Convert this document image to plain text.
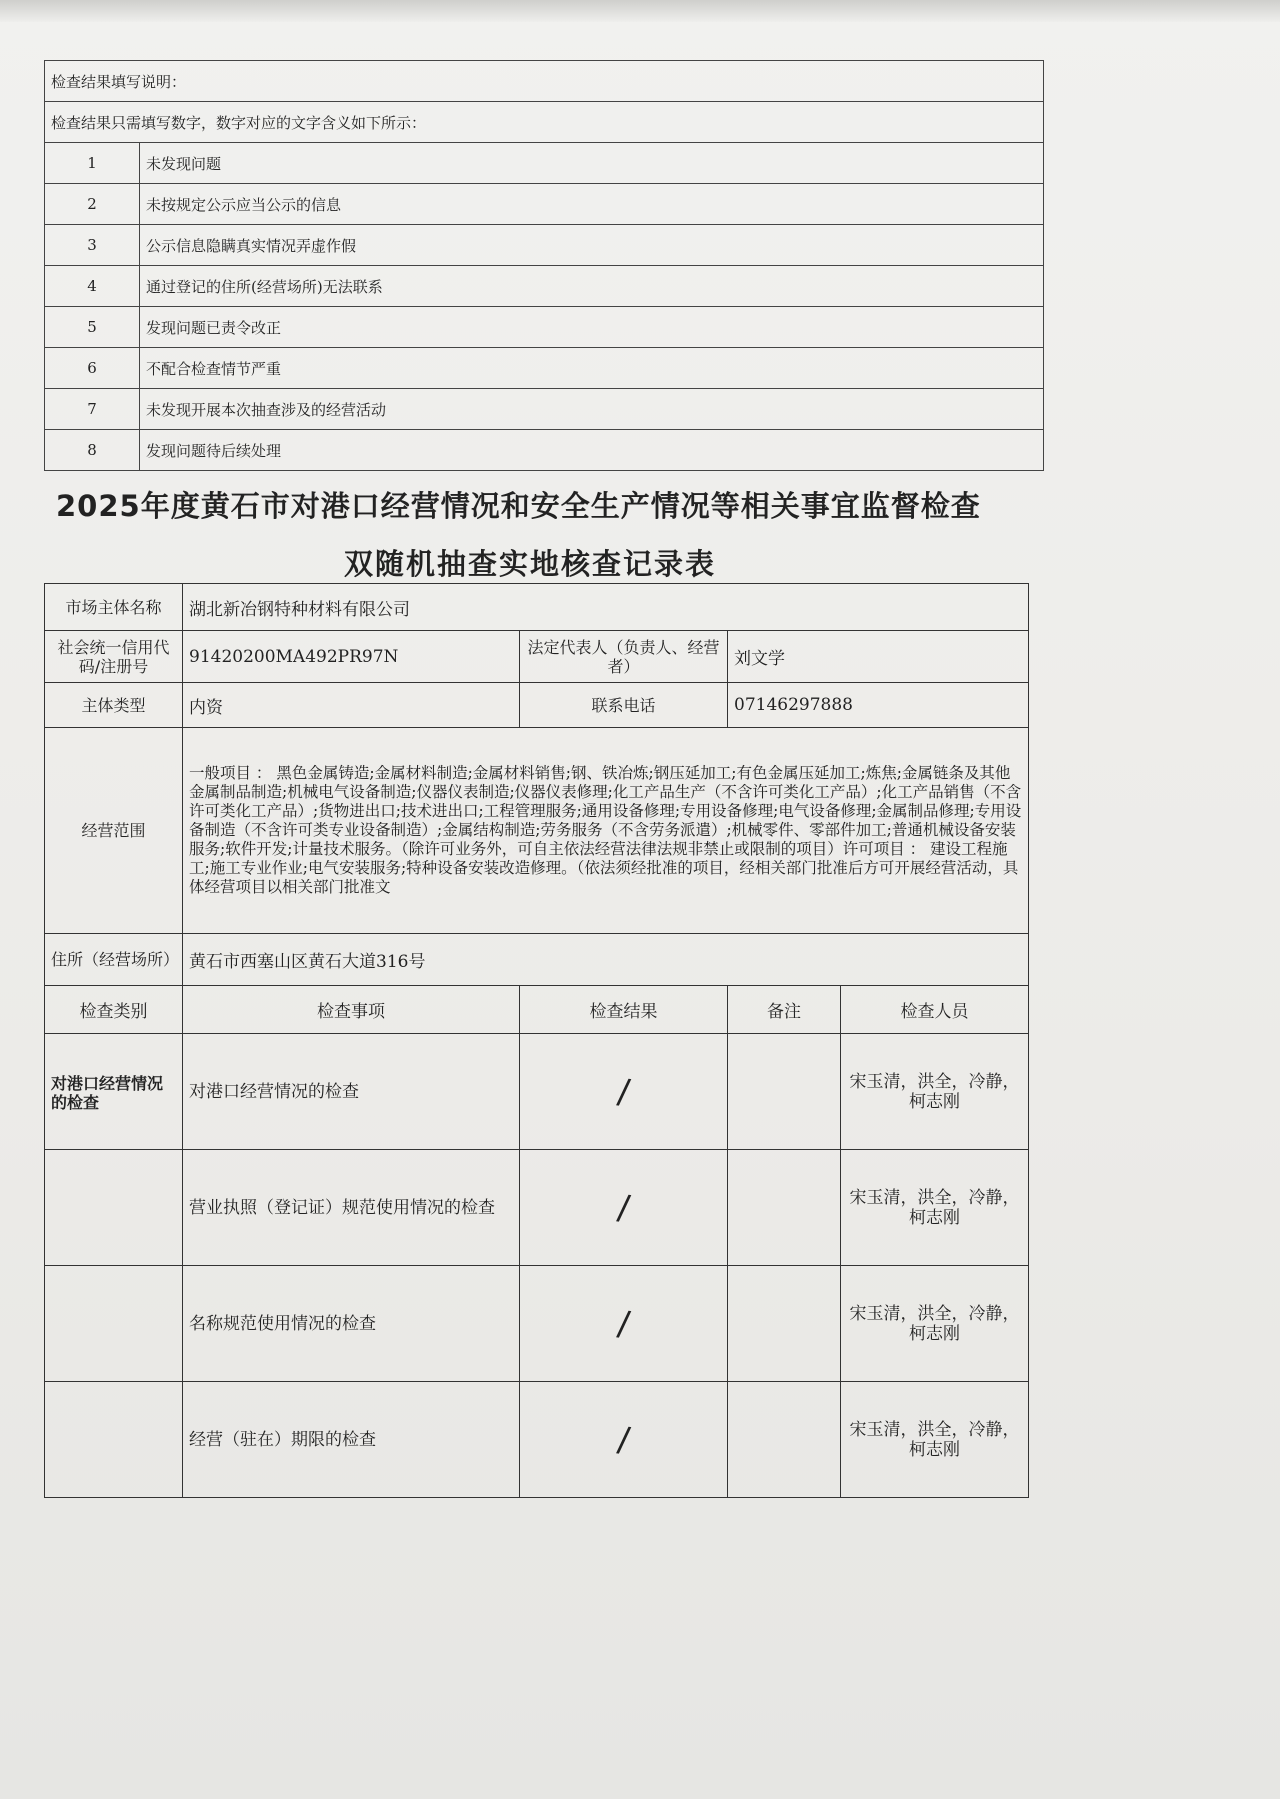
检查结果填写说明：	
检查结果只需填写数字，数字对应的文字含义如下所示：	
1	未发现问题
2	未按规定公示应当公示的信息
3	公示信息隐瞒真实情况弄虚作假
4	通过登记的住所(经营场所)无法联系
5	发现问题已责令改正
6	不配合检查情节严重
7	未发现开展本次抽查涉及的经营活动
8	发现问题待后续处理
2025年度黄石市对港口经营情况和安全生产情况等相关事宜监督检查
双随机抽查实地核查记录表
市场主体名称	湖北新冶钢特种材料有限公司			
社会统一信用代码/注册号	91420200MA492PR97N	法定代表人（负责人、经营者）	刘文学	
主体类型	内资	联系电话	07146297888	
经营范围	一般项目 ： 黑色金属铸造;金属材料制造;金属材料销售;钢、铁冶炼;钢压延加工;有色金属压延加工;炼焦;金属链条及其他金属制品制造;机械电气设备制造;仪器仪表制造;仪器仪表修理;化工产品生产（不含许可类化工产品）;化工产品销售（不含许可类化工产品）;货物进出口;技术进出口;工程管理服务;通用设备修理;专用设备修理;电气设备修理;金属制品修理;专用设备制造（不含许可类专业设备制造）;金属结构制造;劳务服务（不含劳务派遣）;机械零件、零部件加工;普通机械设备安装服务;软件开发;计量技术服务。（除许可业务外，可自主依法经营法律法规非禁止或限制的项目）许可项目 ： 建设工程施工;施工专业作业;电气安装服务;特种设备安装改造修理。（依法须经批准的项目，经相关部门批准后方可开展经营活动，具体经营项目以相关部门批准文			
住所（经营场所）	黄石市西塞山区黄石大道316号			
检查类别	检查事项	检查结果	备注	检查人员
对港口经营情况的检查	对港口经营情况的检查	/		宋玉清，洪全，冷静，柯志刚
	营业执照（登记证）规范使用情况的检查	/		宋玉清，洪全，冷静，柯志刚
	名称规范使用情况的检查	/		宋玉清，洪全，冷静，柯志刚
	经营（驻在）期限的检查	/		宋玉清，洪全，冷静，柯志刚
